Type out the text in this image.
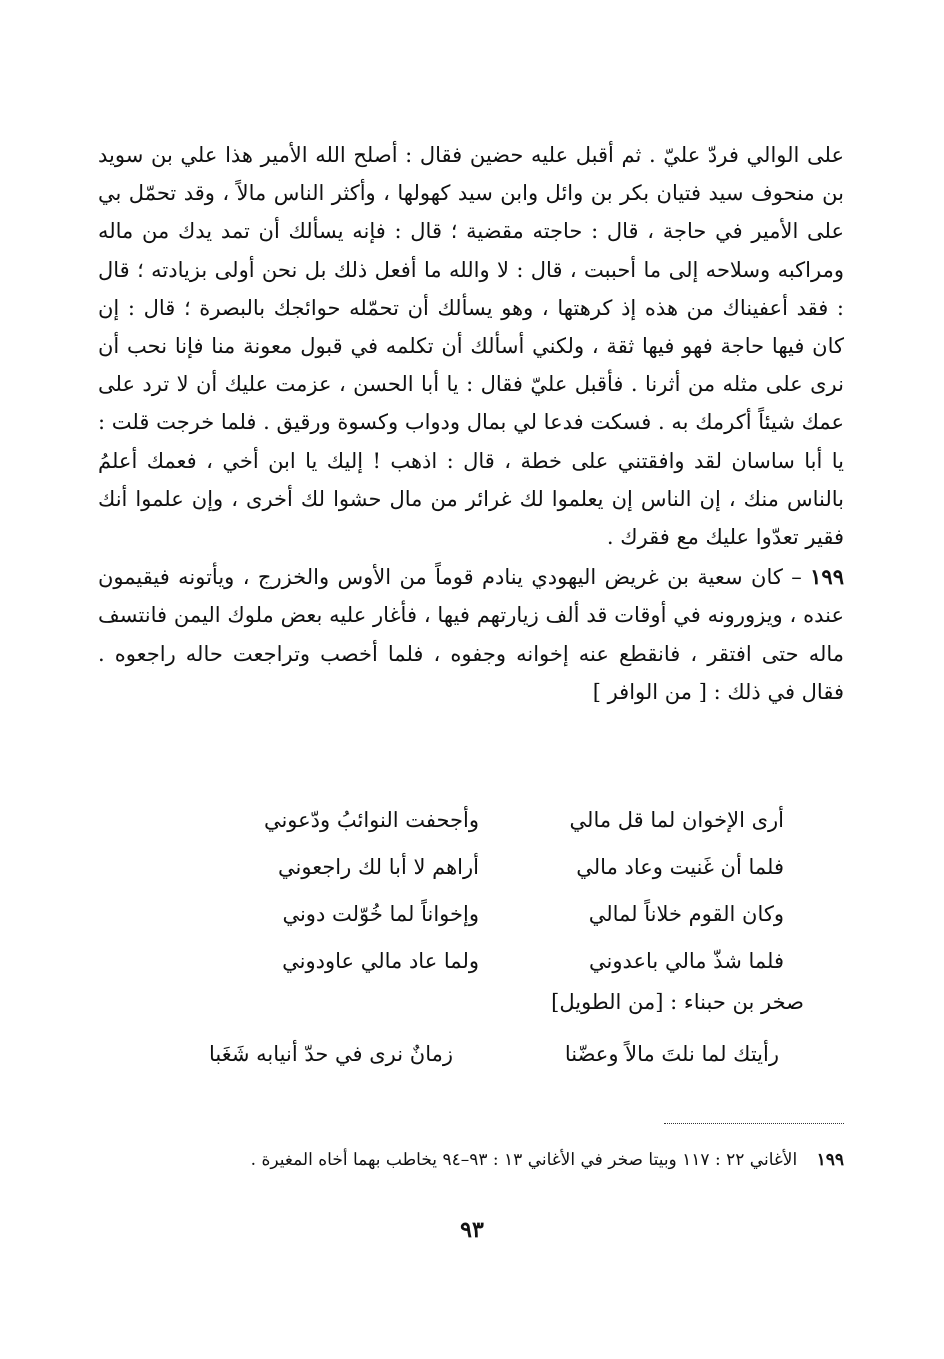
على الوالي فردّ عليّ . ثم أقبل عليه حضين فقال : أصلح الله الأمير هذا علي بن سويد بن منحوف سيد فتيان بكر بن وائل وابن سيد كهولها ، وأكثر الناس مالاً ، وقد تحمّل بي على الأمير في حاجة ، قال : حاجته مقضية ؛ قال : فإنه يسألك أن تمد يدك من ماله ومراكبه وسلاحه إلى ما أحببت ، قال : لا والله ما أفعل ذلك بل نحن أولى بزيادته ؛ قال : فقد أعفيناك من هذه إذ كرهتها ، وهو يسألك أن تحمّله حوائجك بالبصرة ؛ قال : إن كان فيها حاجة فهو فيها ثقة ، ولكني أسألك أن تكلمه في قبول معونة منا فإنا نحب أن نرى على مثله من أثرنا . فأقبل عليّ فقال : يا أبا الحسن ، عزمت عليك أن لا ترد على عمك شيئاً أكرمك به . فسكت فدعا لي بمال ودواب وكسوة ورقيق . فلما خرجت قلت : يا أبا ساسان لقد وافقتني على خطة ، قال : اذهب ! إليك يا ابن أخي ، فعمك أعلمُ بالناس منك ، إن الناس إن يعلموا لك غرائر من مال حشوا لك أخرى ، وإن علموا أنك فقير تعدّوا عليك مع فقرك .

١٩٩ – كان سعية بن غريض اليهودي ينادم قوماً من الأوس والخزرج ، ويأتونه فيقيمون عنده ، ويزورونه في أوقات قد ألف زيارتهم فيها ، فأغار عليه بعض ملوك اليمن فانتسف ماله حتى افتقر ، فانقطع عنه إخوانه وجفوه ، فلما أخصب وتراجعت حاله راجعوه . فقال في ذلك : [ من الوافر ]

أرى الإخوان لما قل مالي
وأجحفت النوائبُ ودّعوني
فلما أن غَنيت وعاد مالي
أراهم لا أبا لك راجعوني
وكان القوم خلاناً لمالي
وإخواناً لما خُوّلت دوني
فلما شذّ مالي باعدوني
ولما عاد مالي عاودوني
صخر بن حبناء : [من الطويل]
رأيتك لما نلتَ مالاً وعضّنا
زمانٌ نرى في حدّ أنيابه شَغَبا
١٩٩ الأغاني ٢٢ : ١١٧ وبيتا صخر في الأغاني ١٣ : ٩٣–٩٤ يخاطب بهما أخاه المغيرة .
٩٣
